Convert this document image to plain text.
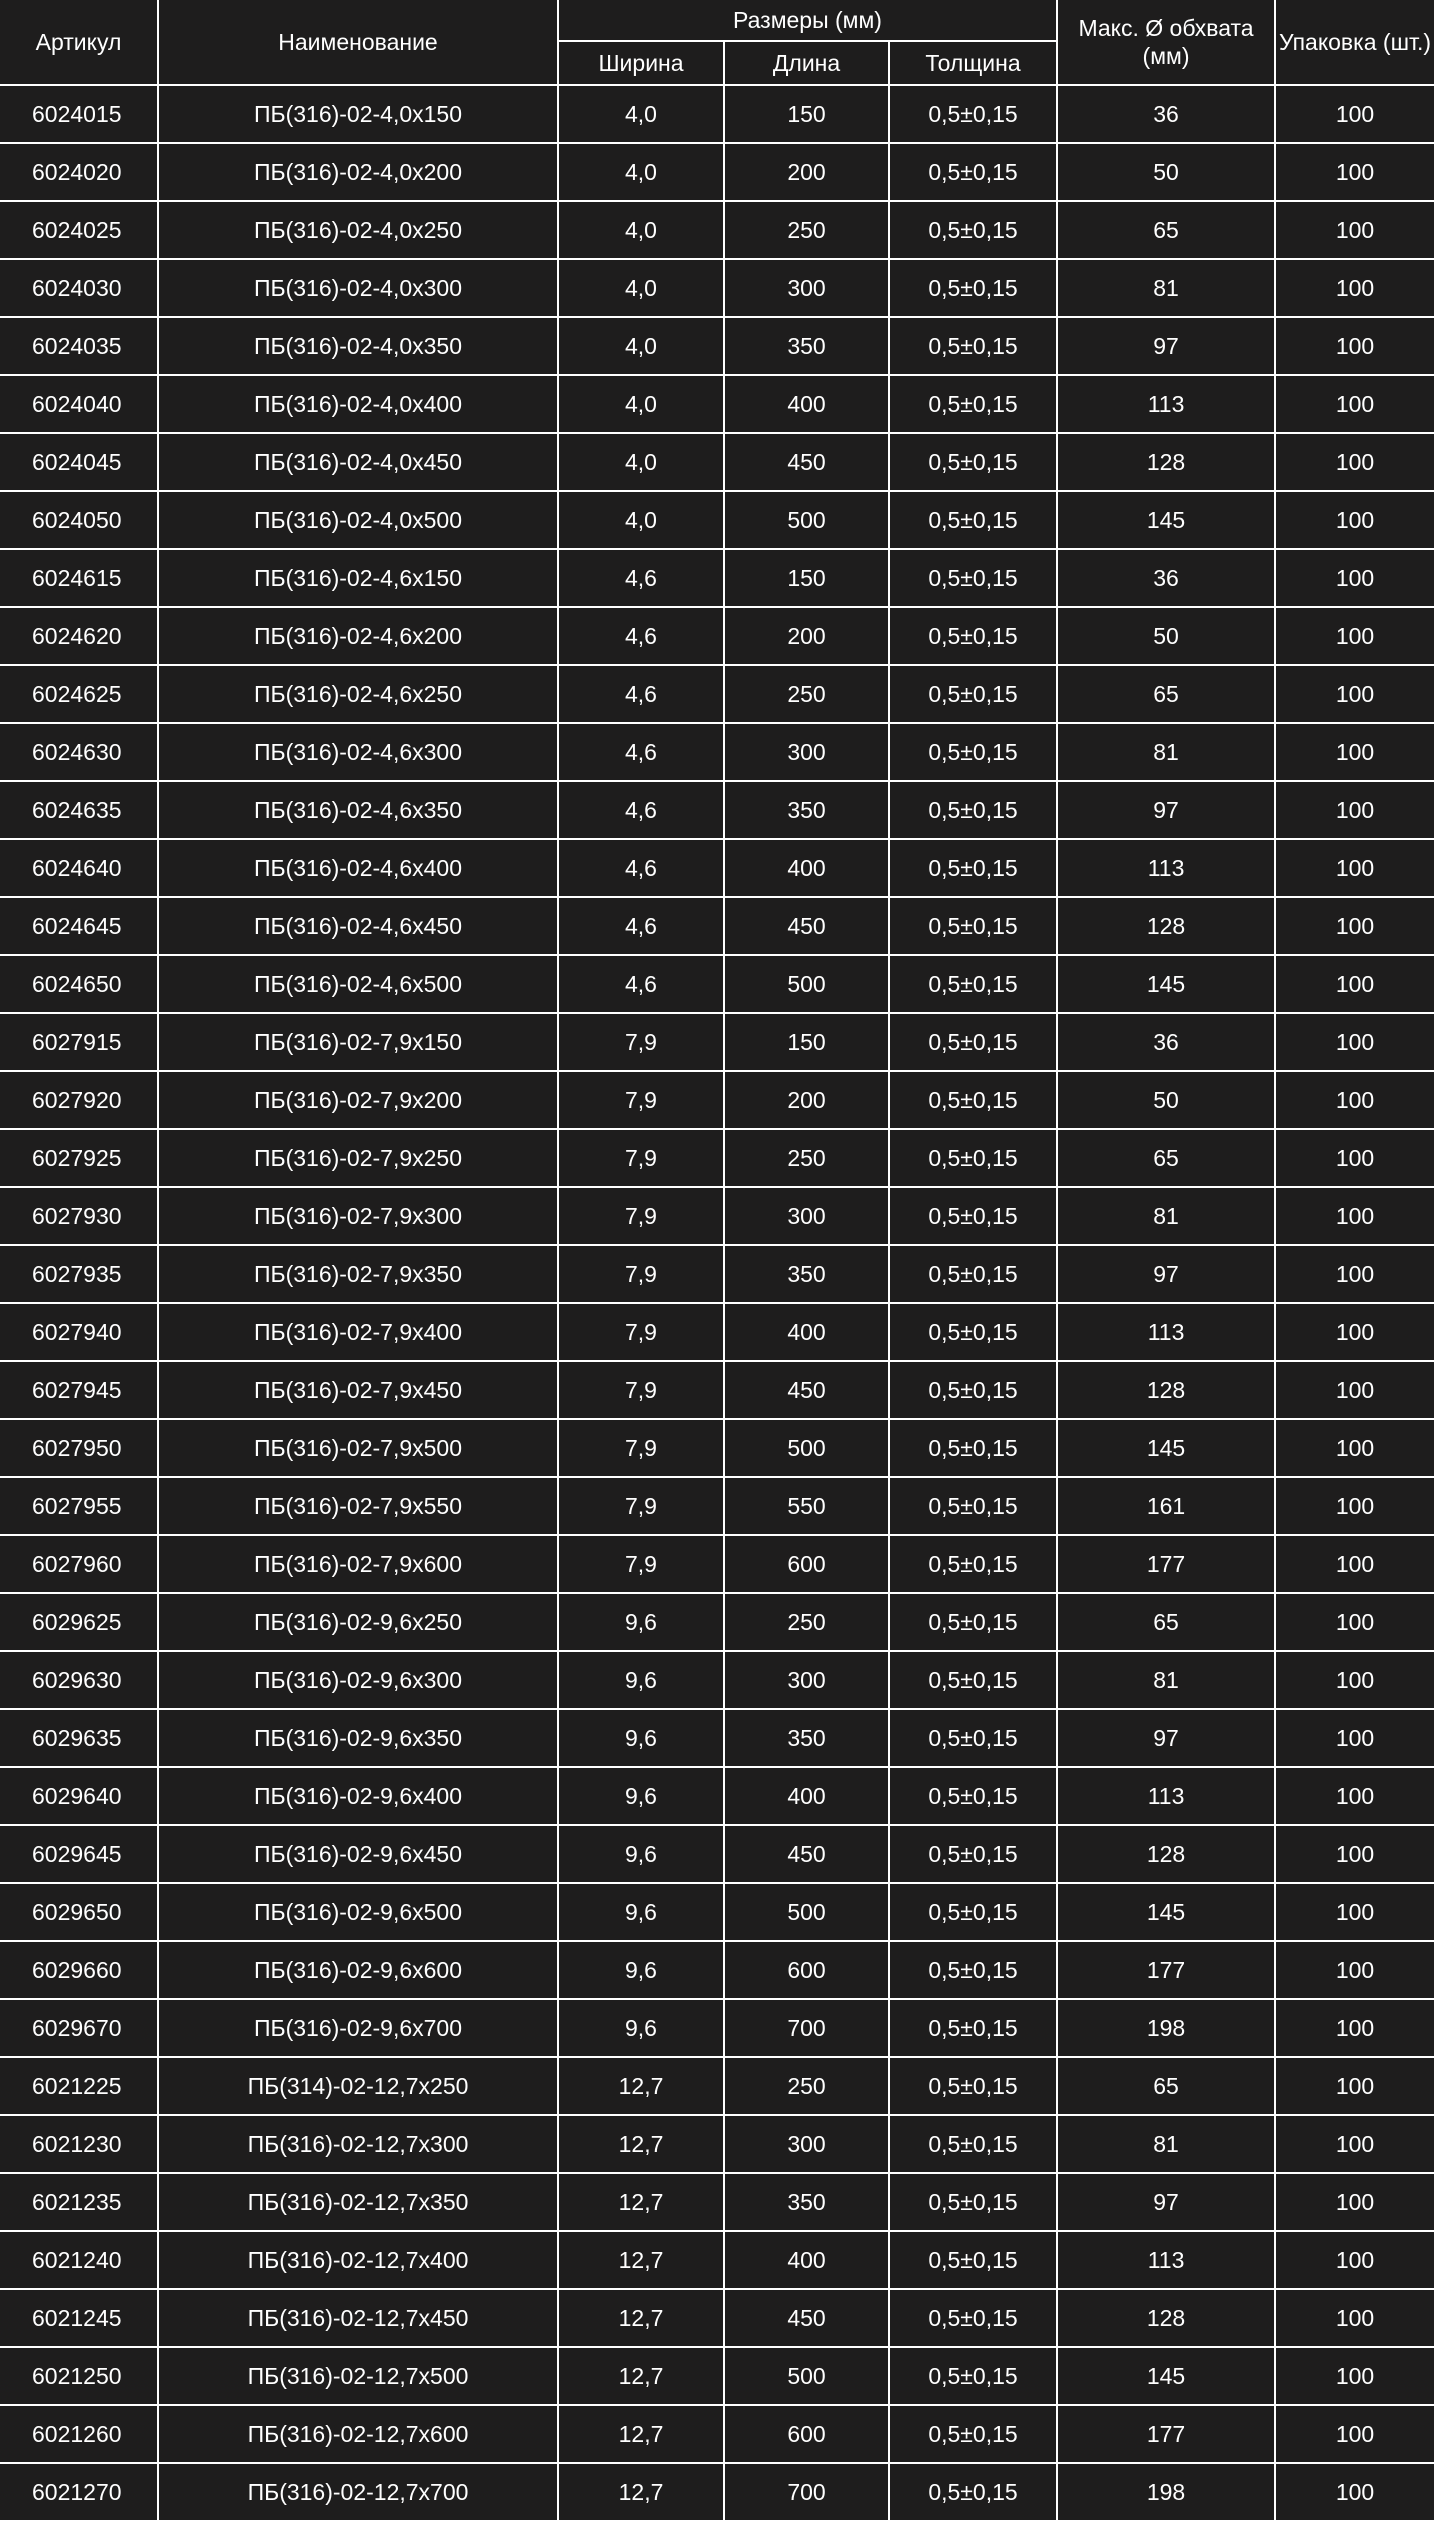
Артикул	Наименование	Размеры (мм)			Макс. Ø обхвата (мм)	Упаковка (шт.)
		Ширина	Длина	Толщина		
6024015	ПБ(316)-02-4,0x150	4,0	150	0,5±0,15	36	100
6024020	ПБ(316)-02-4,0x200	4,0	200	0,5±0,15	50	100
6024025	ПБ(316)-02-4,0x250	4,0	250	0,5±0,15	65	100
6024030	ПБ(316)-02-4,0x300	4,0	300	0,5±0,15	81	100
6024035	ПБ(316)-02-4,0x350	4,0	350	0,5±0,15	97	100
6024040	ПБ(316)-02-4,0x400	4,0	400	0,5±0,15	113	100
6024045	ПБ(316)-02-4,0x450	4,0	450	0,5±0,15	128	100
6024050	ПБ(316)-02-4,0x500	4,0	500	0,5±0,15	145	100
6024615	ПБ(316)-02-4,6x150	4,6	150	0,5±0,15	36	100
6024620	ПБ(316)-02-4,6x200	4,6	200	0,5±0,15	50	100
6024625	ПБ(316)-02-4,6x250	4,6	250	0,5±0,15	65	100
6024630	ПБ(316)-02-4,6x300	4,6	300	0,5±0,15	81	100
6024635	ПБ(316)-02-4,6x350	4,6	350	0,5±0,15	97	100
6024640	ПБ(316)-02-4,6x400	4,6	400	0,5±0,15	113	100
6024645	ПБ(316)-02-4,6x450	4,6	450	0,5±0,15	128	100
6024650	ПБ(316)-02-4,6x500	4,6	500	0,5±0,15	145	100
6027915	ПБ(316)-02-7,9x150	7,9	150	0,5±0,15	36	100
6027920	ПБ(316)-02-7,9x200	7,9	200	0,5±0,15	50	100
6027925	ПБ(316)-02-7,9x250	7,9	250	0,5±0,15	65	100
6027930	ПБ(316)-02-7,9x300	7,9	300	0,5±0,15	81	100
6027935	ПБ(316)-02-7,9x350	7,9	350	0,5±0,15	97	100
6027940	ПБ(316)-02-7,9x400	7,9	400	0,5±0,15	113	100
6027945	ПБ(316)-02-7,9x450	7,9	450	0,5±0,15	128	100
6027950	ПБ(316)-02-7,9x500	7,9	500	0,5±0,15	145	100
6027955	ПБ(316)-02-7,9x550	7,9	550	0,5±0,15	161	100
6027960	ПБ(316)-02-7,9x600	7,9	600	0,5±0,15	177	100
6029625	ПБ(316)-02-9,6x250	9,6	250	0,5±0,15	65	100
6029630	ПБ(316)-02-9,6x300	9,6	300	0,5±0,15	81	100
6029635	ПБ(316)-02-9,6x350	9,6	350	0,5±0,15	97	100
6029640	ПБ(316)-02-9,6x400	9,6	400	0,5±0,15	113	100
6029645	ПБ(316)-02-9,6x450	9,6	450	0,5±0,15	128	100
6029650	ПБ(316)-02-9,6x500	9,6	500	0,5±0,15	145	100
6029660	ПБ(316)-02-9,6x600	9,6	600	0,5±0,15	177	100
6029670	ПБ(316)-02-9,6x700	9,6	700	0,5±0,15	198	100
6021225	ПБ(314)-02-12,7x250	12,7	250	0,5±0,15	65	100
6021230	ПБ(316)-02-12,7x300	12,7	300	0,5±0,15	81	100
6021235	ПБ(316)-02-12,7x350	12,7	350	0,5±0,15	97	100
6021240	ПБ(316)-02-12,7x400	12,7	400	0,5±0,15	113	100
6021245	ПБ(316)-02-12,7x450	12,7	450	0,5±0,15	128	100
6021250	ПБ(316)-02-12,7x500	12,7	500	0,5±0,15	145	100
6021260	ПБ(316)-02-12,7x600	12,7	600	0,5±0,15	177	100
6021270	ПБ(316)-02-12,7x700	12,7	700	0,5±0,15	198	100
